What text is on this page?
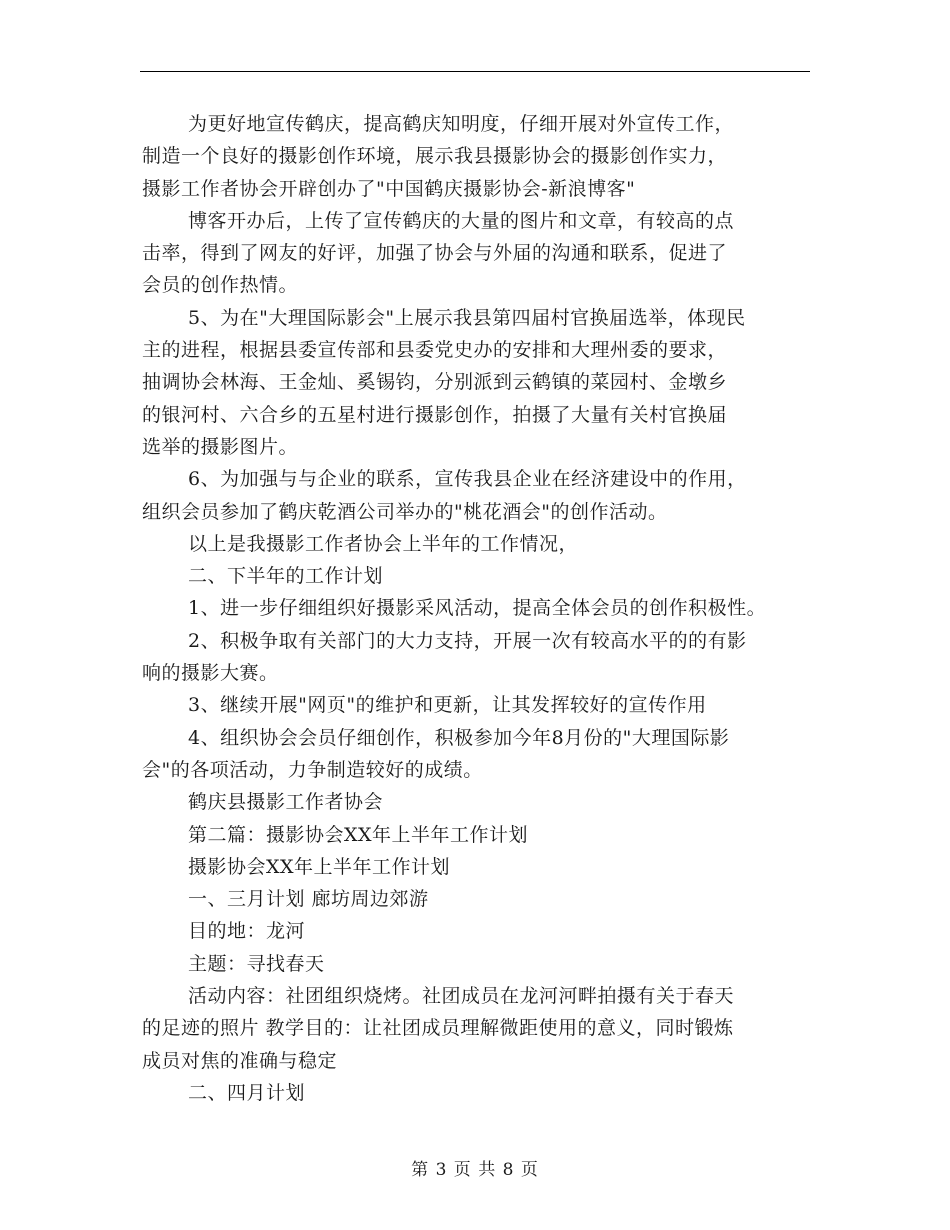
为更好地宣传鹤庆，提高鹤庆知明度，仔细开展对外宣传工作，
制造一个良好的摄影创作环境，展示我县摄影协会的摄影创作实力，
摄影工作者协会开辟创办了"中国鹤庆摄影协会-新浪博客"
博客开办后，上传了宣传鹤庆的大量的图片和文章，有较高的点
击率，得到了网友的好评，加强了协会与外届的沟通和联系，促进了
会员的创作热情。
5、为在"大理国际影会"上展示我县第四届村官换届选举，体现民
主的进程，根据县委宣传部和县委党史办的安排和大理州委的要求，
抽调协会林海、王金灿、奚锡钧，分别派到云鹤镇的菜园村、金墩乡
的银河村、六合乡的五星村进行摄影创作，拍摄了大量有关村官换届
选举的摄影图片。
6、为加强与与企业的联系，宣传我县企业在经济建设中的作用，
组织会员参加了鹤庆乾酒公司举办的"桃花酒会"的创作活动。
以上是我摄影工作者协会上半年的工作情况，
二、下半年的工作计划
1、进一步仔细组织好摄影采风活动，提高全体会员的创作积极性。
2、积极争取有关部门的大力支持，开展一次有较高水平的的有影
响的摄影大赛。
3、继续开展"网页"的维护和更新，让其发挥较好的宣传作用
4、组织协会会员仔细创作，积极参加今年8月份的"大理国际影
会"的各项活动，力争制造较好的成绩。
鹤庆县摄影工作者协会
第二篇：摄影协会XX年上半年工作计划
摄影协会XX年上半年工作计划
一、三月计划 廊坊周边郊游
目的地：龙河
主题：寻找春天
活动内容：社团组织烧烤。社团成员在龙河河畔拍摄有关于春天
的足迹的照片 教学目的：让社团成员理解微距使用的意义，同时锻炼
成员对焦的准确与稳定
二、四月计划
第 3 页 共 8 页
